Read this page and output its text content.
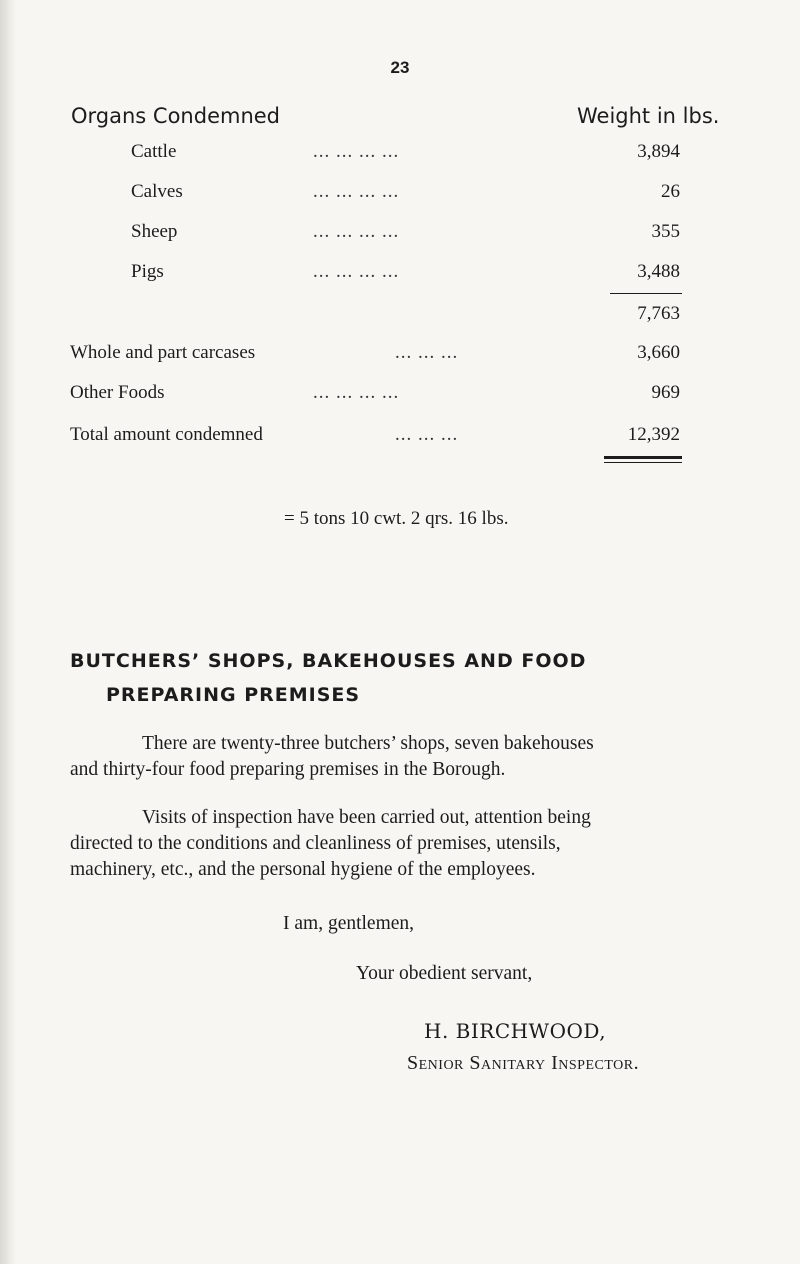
23
Organs Condemned	Weight in lbs.
Cattle	... ... ... ...	3,894
Calves	... ... ... ...	26
Sheep	... ... ... ...	355
Pigs	... ... ... ...	3,488
7,763
Whole and part carcases	... ... ...	3,660
Other Foods	... ... ... ...	969
Total amount condemned	... ... ...	12,392
= 5 tons 10 cwt. 2 qrs. 16 lbs.
BUTCHERS’ SHOPS, BAKEHOUSES AND FOOD
PREPARING PREMISES
There are twenty-three butchers’ shops, seven bakehouses
and thirty-four food preparing premises in the Borough.
Visits of inspection have been carried out, attention being
directed to the conditions and cleanliness of premises, utensils,
machinery, etc., and the personal hygiene of the employees.
I am, gentlemen,
Your obedient servant,
H. BIRCHWOOD,
Senior Sanitary Inspector.
